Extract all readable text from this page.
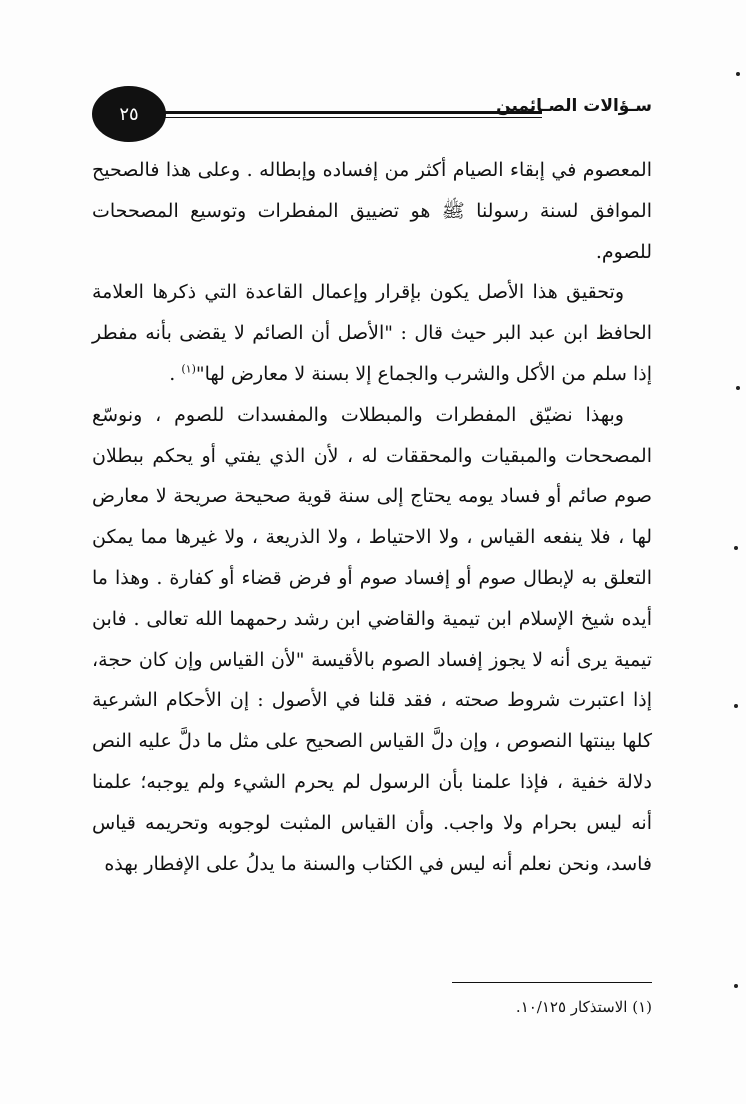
٢٥	سـؤالات الصـائمين

المعصوم في إبقاء الصيام أكثر من إفساده وإبطاله . وعلى هذا فالصحيح الموافق لسنة رسولنا ﷺ هو تضييق المفطرات وتوسيع المصححات للصوم.

وتحقيق هذا الأصل يكون بإقرار وإعمال القاعدة التي ذكرها العلامة الحافظ ابن عبد البر حيث قال : "الأصل أن الصائم لا يقضى بأنه مفطر إذا سلم من الأكل والشرب والجماع إلا بسنة لا معارض لها"$^{(١)}$ .

وبهذا نضيّق المفطرات والمبطلات والمفسدات للصوم ، ونوسّع المصححات والمبقيات والمحققات له ، لأن الذي يفتي أو يحكم ببطلان صوم صائم أو فساد يومه يحتاج إلى سنة قوية صحيحة صريحة لا معارض لها ، فلا ينفعه القياس ، ولا الاحتياط ، ولا الذريعة ، ولا غيرها مما يمكن التعلق به لإبطال صوم أو إفساد صوم أو فرض قضاء أو كفارة . وهذا ما أيده شيخ الإسلام ابن تيمية والقاضي ابن رشد رحمهما الله تعالى . فابن تيمية يرى أنه لا يجوز إفساد الصوم بالأقيسة "لأن القياس وإن كان حجة، إذا اعتبرت شروط صحته ، فقد قلنا في الأصول : إن الأحكام الشرعية كلها بينتها النصوص ، وإن دلَّ القياس الصحيح على مثل ما دلَّ عليه النص دلالة خفية ، فإذا علمنا بأن الرسول لم يحرم الشيء ولم يوجبه؛ علمنا أنه ليس بحرام ولا واجب. وأن القياس المثبت لوجوبه وتحريمه قياس فاسد، ونحن نعلم أنه ليس في الكتاب والسنة ما يدلُ على الإفطار بهذه

(١) الاستذكار ١٠/١٢٥.
